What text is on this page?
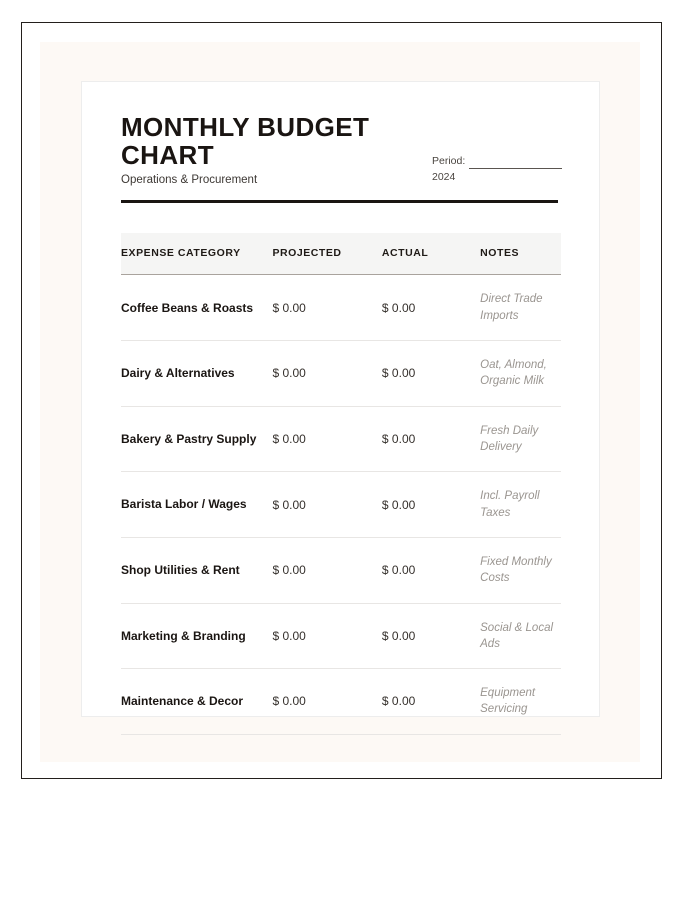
MONTHLY BUDGET CHART

Operations & Procurement

Period:
2024
EXPENSE CATEGORY	PROJECTED	ACTUAL	NOTES
Coffee Beans & Roasts	$ 0.00	$ 0.00	Direct Trade Imports
Dairy & Alternatives	$ 0.00	$ 0.00	Oat, Almond, Organic Milk
Bakery & Pastry Supply	$ 0.00	$ 0.00	Fresh Daily Delivery
Barista Labor / Wages	$ 0.00	$ 0.00	Incl. Payroll Taxes
Shop Utilities & Rent	$ 0.00	$ 0.00	Fixed Monthly Costs
Marketing & Branding	$ 0.00	$ 0.00	Social & Local Ads
Maintenance & Decor	$ 0.00	$ 0.00	Equipment Servicing
